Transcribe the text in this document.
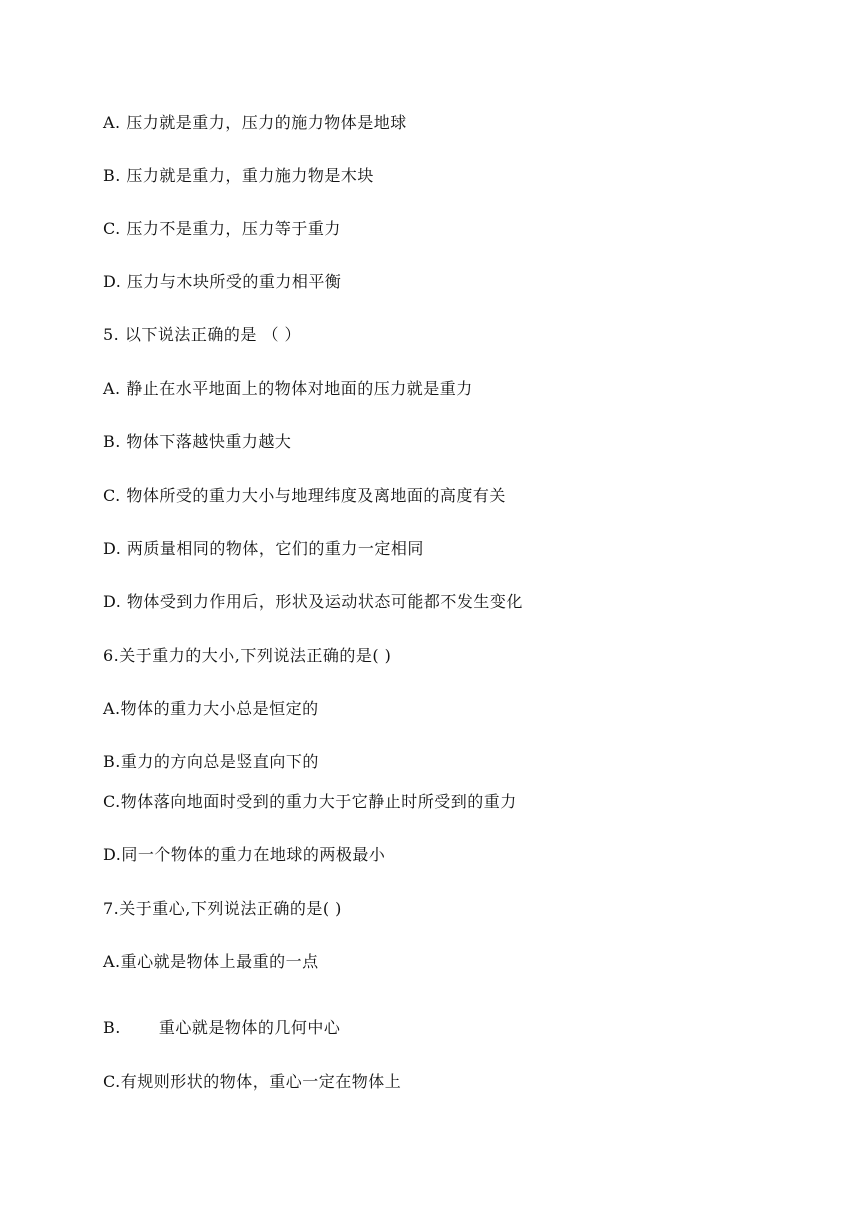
A. 压力就是重力，压力的施力物体是地球
B. 压力就是重力，重力施力物是木块
C. 压力不是重力，压力等于重力
D. 压力与木块所受的重力相平衡
5. 以下说法正确的是 （ ）
A. 静止在水平地面上的物体对地面的压力就是重力
B. 物体下落越快重力越大
C. 物体所受的重力大小与地理纬度及离地面的高度有关
D. 两质量相同的物体，它们的重力一定相同
D. 物体受到力作用后，形状及运动状态可能都不发生变化
6.关于重力的大小,下列说法正确的是( )
A.物体的重力大小总是恒定的
B.重力的方向总是竖直向下的
C.物体落向地面时受到的重力大于它静止时所受到的重力
D.同一个物体的重力在地球的两极最小
7.关于重心,下列说法正确的是( )
A.重心就是物体上最重的一点
B. 重心就是物体的几何中心
C.有规则形状的物体，重心一定在物体上
